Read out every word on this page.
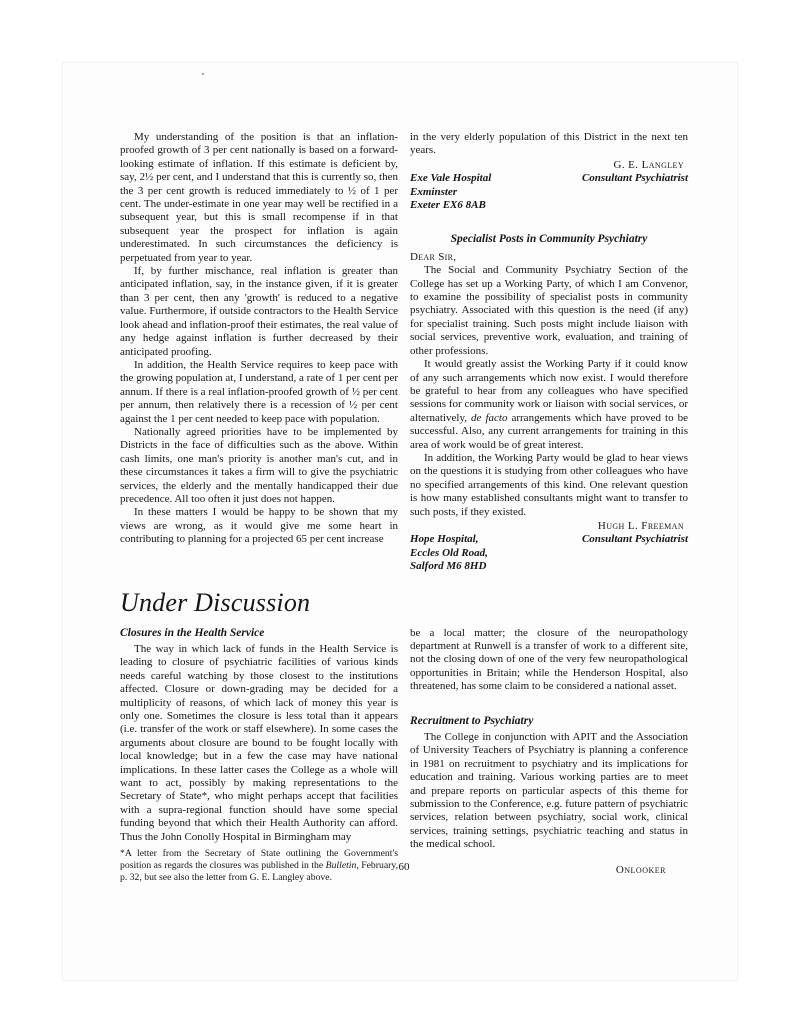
My understanding of the position is that an inflation-proofed growth of 3 per cent nationally is based on a forward-looking estimate of inflation. If this estimate is deficient by, say, 2½ per cent, and I understand that this is currently so, then the 3 per cent growth is reduced immediately to ½ of 1 per cent. The under-estimate in one year may well be rectified in a subsequent year, but this is small recompense if in that subsequent year the prospect for inflation is again underestimated. In such circumstances the deficiency is perpetuated from year to year.

If, by further mischance, real inflation is greater than anticipated inflation, say, in the instance given, if it is greater than 3 per cent, then any 'growth' is reduced to a negative value. Furthermore, if outside contractors to the Health Service look ahead and inflation-proof their estimates, the real value of any hedge against inflation is further decreased by their anticipated proofing.

In addition, the Health Service requires to keep pace with the growing population at, I understand, a rate of 1 per cent per annum. If there is a real inflation-proofed growth of ½ per cent per annum, then relatively there is a recession of ½ per cent against the 1 per cent needed to keep pace with population.

Nationally agreed priorities have to be implemented by Districts in the face of difficulties such as the above. Within cash limits, one man's priority is another man's cut, and in these circumstances it takes a firm will to give the psychiatric services, the elderly and the mentally handicapped their due precedence. All too often it just does not happen.

In these matters I would be happy to be shown that my views are wrong, as it would give me some heart in contributing to planning for a projected 65 per cent increase

in the very elderly population of this District in the next ten years.

G. E. Langley
Exe Vale Hospital	Consultant Psychiatrist
Exminster
Exeter EX6 8AB
Specialist Posts in Community Psychiatry
Dear Sir,

The Social and Community Psychiatry Section of the College has set up a Working Party, of which I am Convenor, to examine the possibility of specialist posts in community psychiatry. Associated with this question is the need (if any) for specialist training. Such posts might include liaison with social services, preventive work, evaluation, and training of other professions.

It would greatly assist the Working Party if it could know of any such arrangements which now exist. I would therefore be grateful to hear from any colleagues who have specified sessions for community work or liaison with social services, or alternatively, de facto arrangements which have proved to be successful. Also, any current arrangements for training in this area of work would be of great interest.

In addition, the Working Party would be glad to hear views on the questions it is studying from other colleagues who have no specified arrangements of this kind. One relevant question is how many established consultants might want to transfer to such posts, if they existed.

Hugh L. Freeman
Hope Hospital,	Consultant Psychiatrist
Eccles Old Road,
Salford M6 8HD
Under Discussion
Closures in the Health Service

The way in which lack of funds in the Health Service is leading to closure of psychiatric facilities of various kinds needs careful watching by those closest to the institutions affected. Closure or down-grading may be decided for a multiplicity of reasons, of which lack of money this year is only one. Sometimes the closure is less total than it appears (i.e. transfer of the work or staff elsewhere). In some cases the arguments about closure are bound to be fought locally with local knowledge; but in a few the case may have national implications. In these latter cases the College as a whole will want to act, possibly by making representations to the Secretary of State*, who might perhaps accept that facilities with a supra-regional function should have some special funding beyond that which their Health Authority can afford. Thus the John Conolly Hospital in Birmingham may

*A letter from the Secretary of State outlining the Government's position as regards the closures was published in the Bulletin, February, p. 32, but see also the letter from G. E. Langley above.

be a local matter; the closure of the neuropathology department at Runwell is a transfer of work to a different site, not the closing down of one of the very few neuropathological opportunities in Britain; while the Henderson Hospital, also threatened, has some claim to be considered a national asset.

Recruitment to Psychiatry

The College in conjunction with APIT and the Association of University Teachers of Psychiatry is planning a conference in 1981 on recruitment to psychiatry and its implications for education and training. Various working parties are to meet and prepare reports on particular aspects of this theme for submission to the Conference, e.g. future pattern of psychiatric services, relation between psychiatry, social work, clinical services, training settings, psychiatric teaching and status in the medical school.

Onlooker
60
